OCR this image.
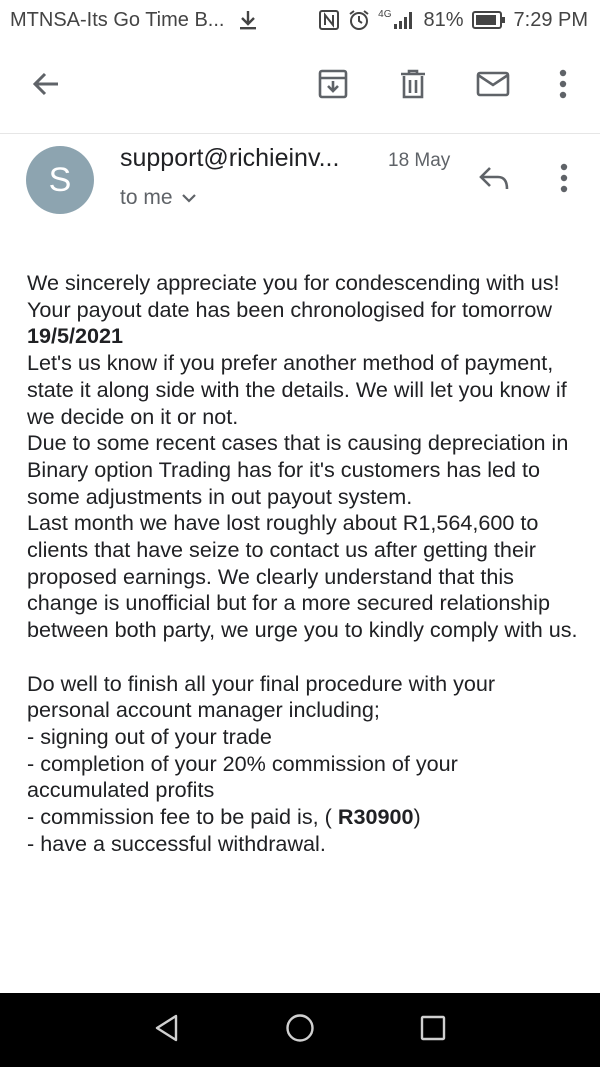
MTNSA-Its Go Time B...	4G 81%	7:29 PM
S
support@richieinv...	18 May
to me

We sincerely appreciate you for condescending with us!

Your payout date has been chronologised for tomorrow 19/5/2021

Let's us know if you prefer another method of payment, state it along side with the details. We will let you know if we decide on it or not.

Due to some recent cases that is causing depreciation in Binary option Trading has for it's customers has led to some adjustments in out payout system.

Last month we have lost roughly about R1,564,600 to clients that have seize to contact us after getting their proposed earnings. We clearly understand that this change is unofficial but for a more secured relationship between both party, we urge you to kindly comply with us.

Do well to finish all your final procedure with your personal account manager including;

- signing out of your trade

- completion of your 20% commission of your accumulated profits

- commission fee to be paid is, ( R30900)

- have a successful withdrawal.
